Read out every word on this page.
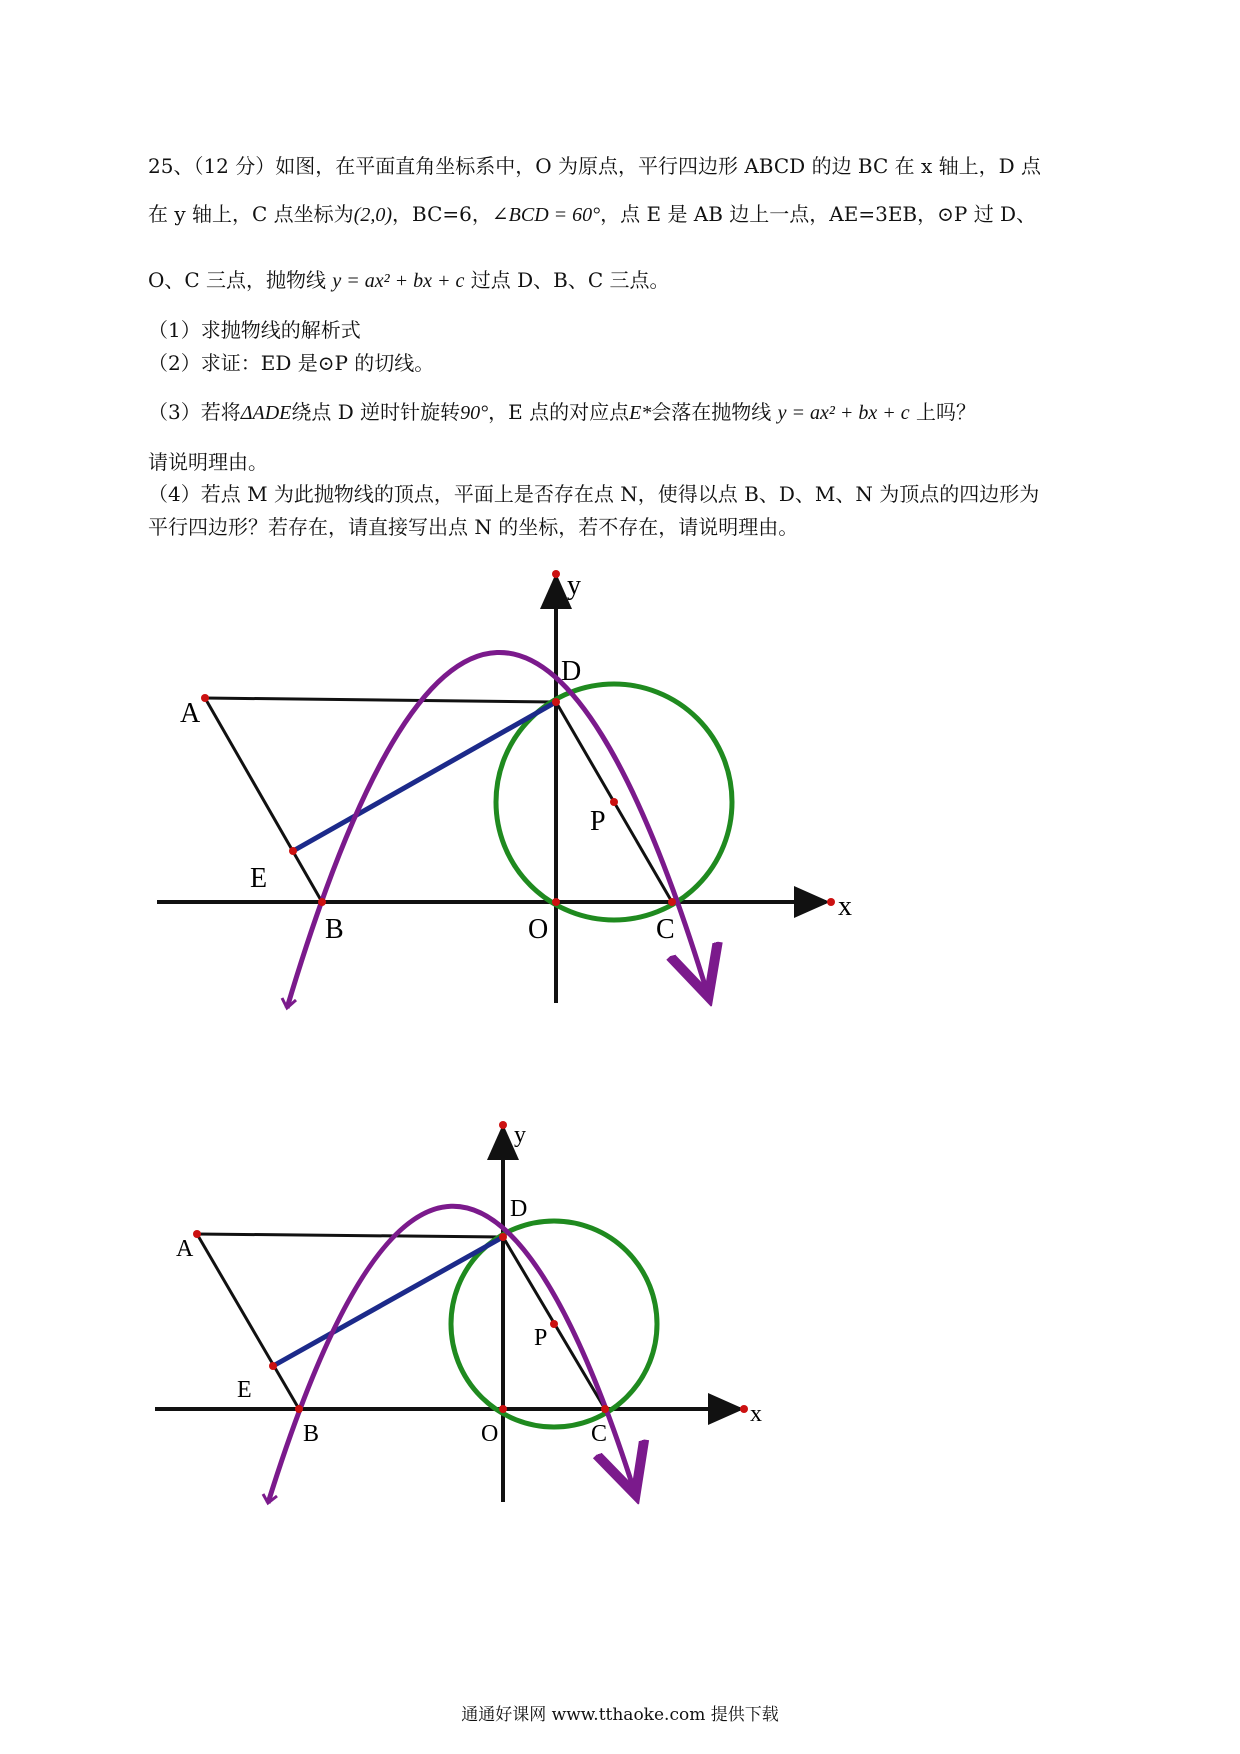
25、（12 分）如图，在平面直角坐标系中，O 为原点，平行四边形 ABCD 的边 BC 在 x 轴上，D 点
在 y 轴上，C 点坐标为(2,0)，BC=6，∠BCD = 60°，点 E 是 AB 边上一点，AE=3EB，⊙P 过 D、
O、C 三点，抛物线 y = ax² + bx + c 过点 D、B、C 三点。
（1）求抛物线的解析式
（2）求证：ED 是⊙P 的切线。
（3）若将ΔADE绕点 D 逆时针旋转90°，E 点的对应点E*会落在抛物线 y = ax² + bx + c 上吗？
请说明理由。
（4）若点 M 为此抛物线的顶点，平面上是否存在点 N，使得以点 B、D、M、N 为顶点的四边形为
平行四边形？若存在，请直接写出点 N 的坐标，若不存在，请说明理由。
y
D
A
P
E
B	O	C
x
y
D
A
P
E
B	O	C
x
通通好课网 www.tthaoke.com 提供下载
